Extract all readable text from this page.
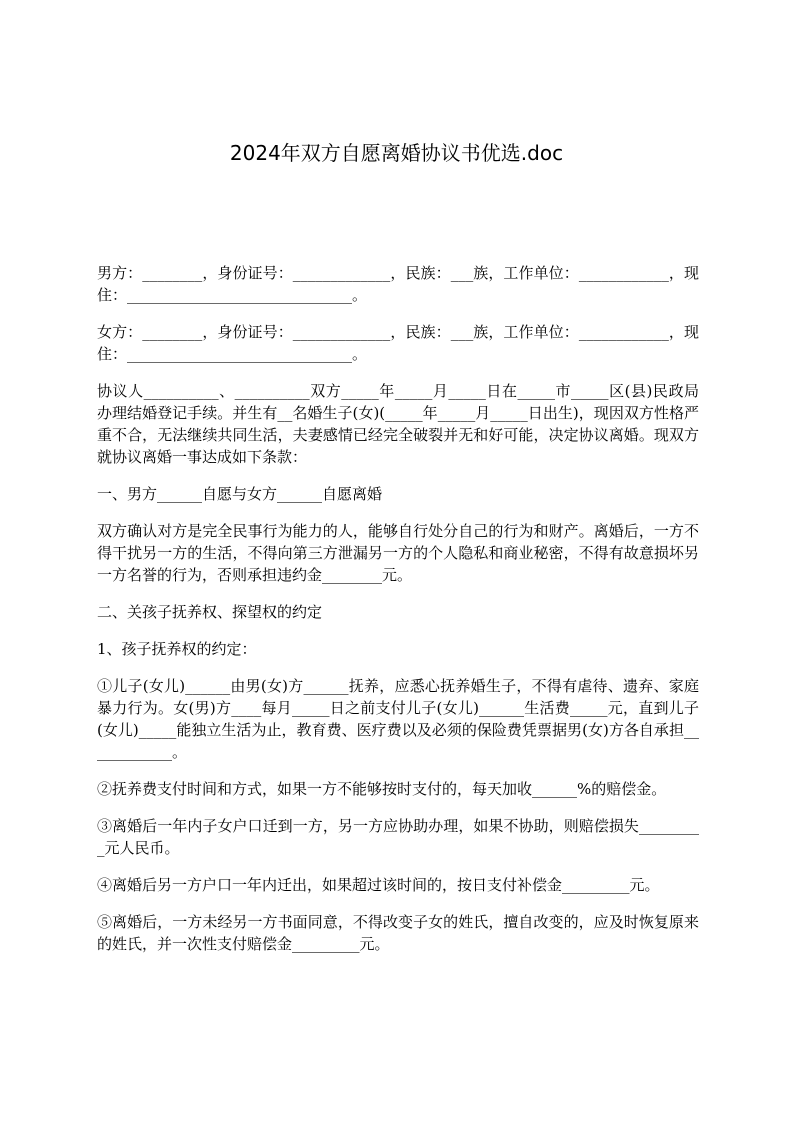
2024年双方自愿离婚协议书优选.doc

男方：________，身份证号：_____________，民族：___族，工作单位：____________，现住：______________________________。

女方：________，身份证号：_____________，民族：___族，工作单位：____________，现住：______________________________。

协议人__________、__________双方_____年_____月_____日在_____市_____区(县)民政局办理结婚登记手续。并生有__名婚生子(女)(_____年_____月_____日出生)，现因双方性格严重不合，无法继续共同生活，夫妻感情已经完全破裂并无和好可能，决定协议离婚。现双方就协议离婚一事达成如下条款：

一、男方______自愿与女方______自愿离婚

双方确认对方是完全民事行为能力的人，能够自行处分自己的行为和财产。离婚后，一方不得干扰另一方的生活，不得向第三方泄漏另一方的个人隐私和商业秘密，不得有故意损坏另一方名誉的行为，否则承担违约金________元。

二、关孩子抚养权、探望权的约定

1、孩子抚养权的约定：

①儿子(女儿)______由男(女)方______抚养，应悉心抚养婚生子，不得有虐待、遗弃、家庭暴力行为。女(男)方____每月_____日之前支付儿子(女儿)______生活费_____元，直到儿子(女儿)_____能独立生活为止，教育费、医疗费以及必须的保险费凭票据男(女)方各自承担____________。

②抚养费支付时间和方式，如果一方不能够按时支付的，每天加收______%的赔偿金。

③离婚后一年内子女户口迁到一方，另一方应协助办理，如果不协助，则赔偿损失_________元人民币。

④离婚后另一方户口一年内迁出，如果超过该时间的，按日支付补偿金_________元。

⑤离婚后，一方未经另一方书面同意，不得改变子女的姓氏，擅自改变的，应及时恢复原来的姓氏，并一次性支付赔偿金_________元。
